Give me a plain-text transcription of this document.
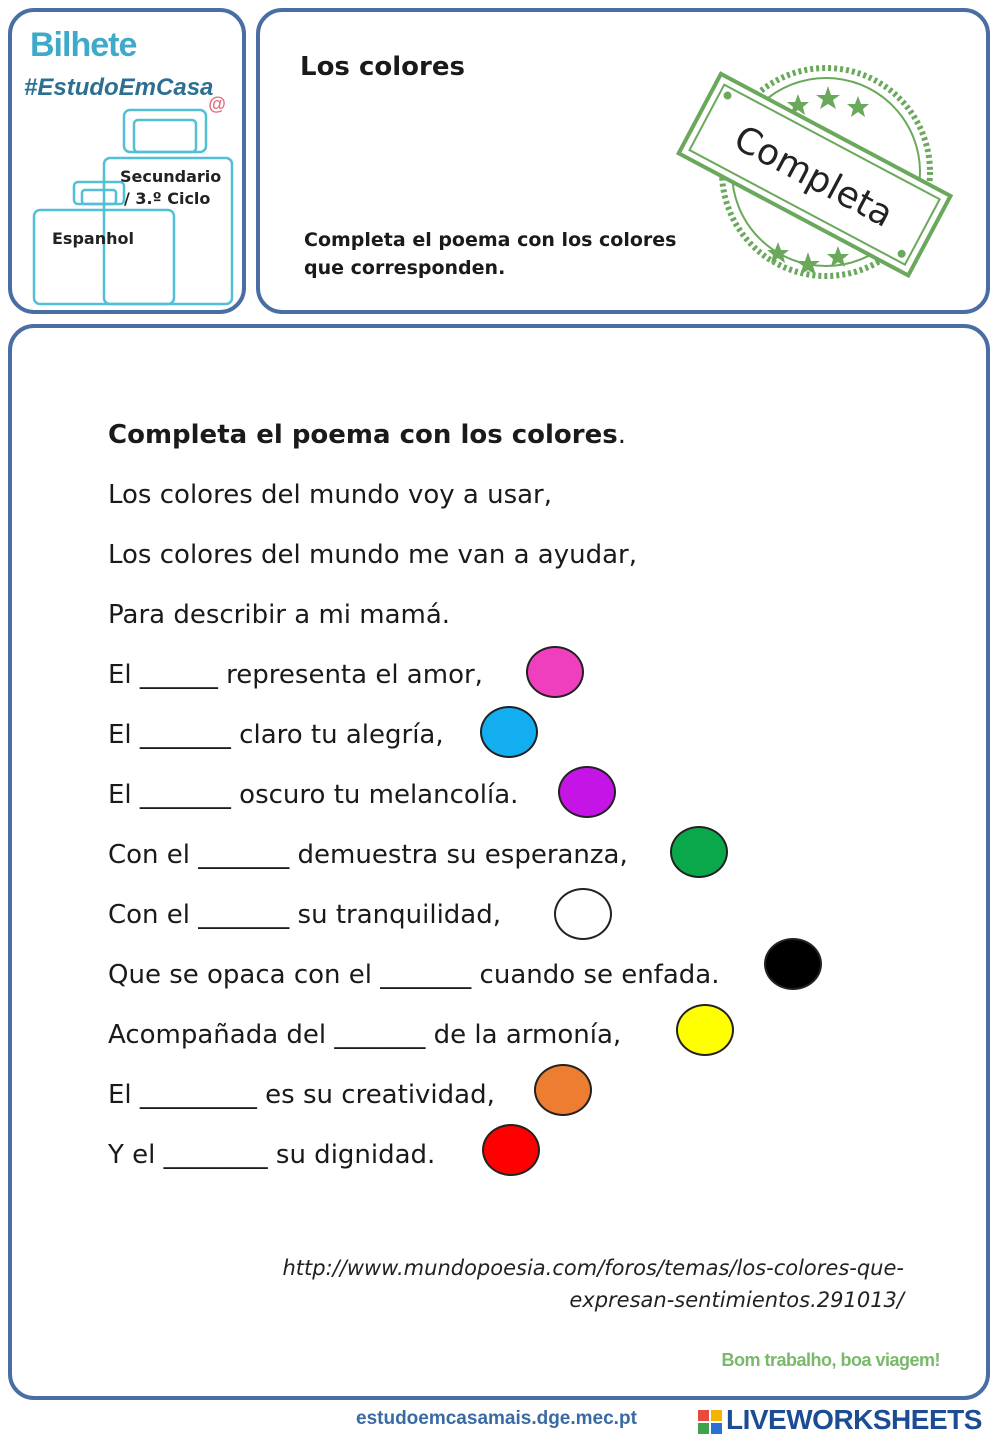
Bilhete
#EstudoEmCasa
@
Secundario
/ 3.º Ciclo
Espanhol
Los colores
Completa el poema con los colores
que corresponden.
Completa
Completa el poema con los colores.
Los colores del mundo voy a usar,
Los colores del mundo me van a ayudar,
Para describir a mi mamá.
El ______ representa el amor,
El _______ claro tu alegría,
El _______ oscuro tu melancolía.
Con el _______ demuestra su esperanza,
Con el _______ su tranquilidad,
Que se opaca con el _______ cuando se enfada.
Acompañada del _______ de la armonía,
El _________ es su creatividad,
Y el ________ su dignidad.
http://www.mundopoesia.com/foros/temas/los-colores-que-
expresan-sentimientos.291013/
Bom trabalho, boa viagem!
estudoemcasamais.dge.mec.pt	LIVEWORKSHEETS
